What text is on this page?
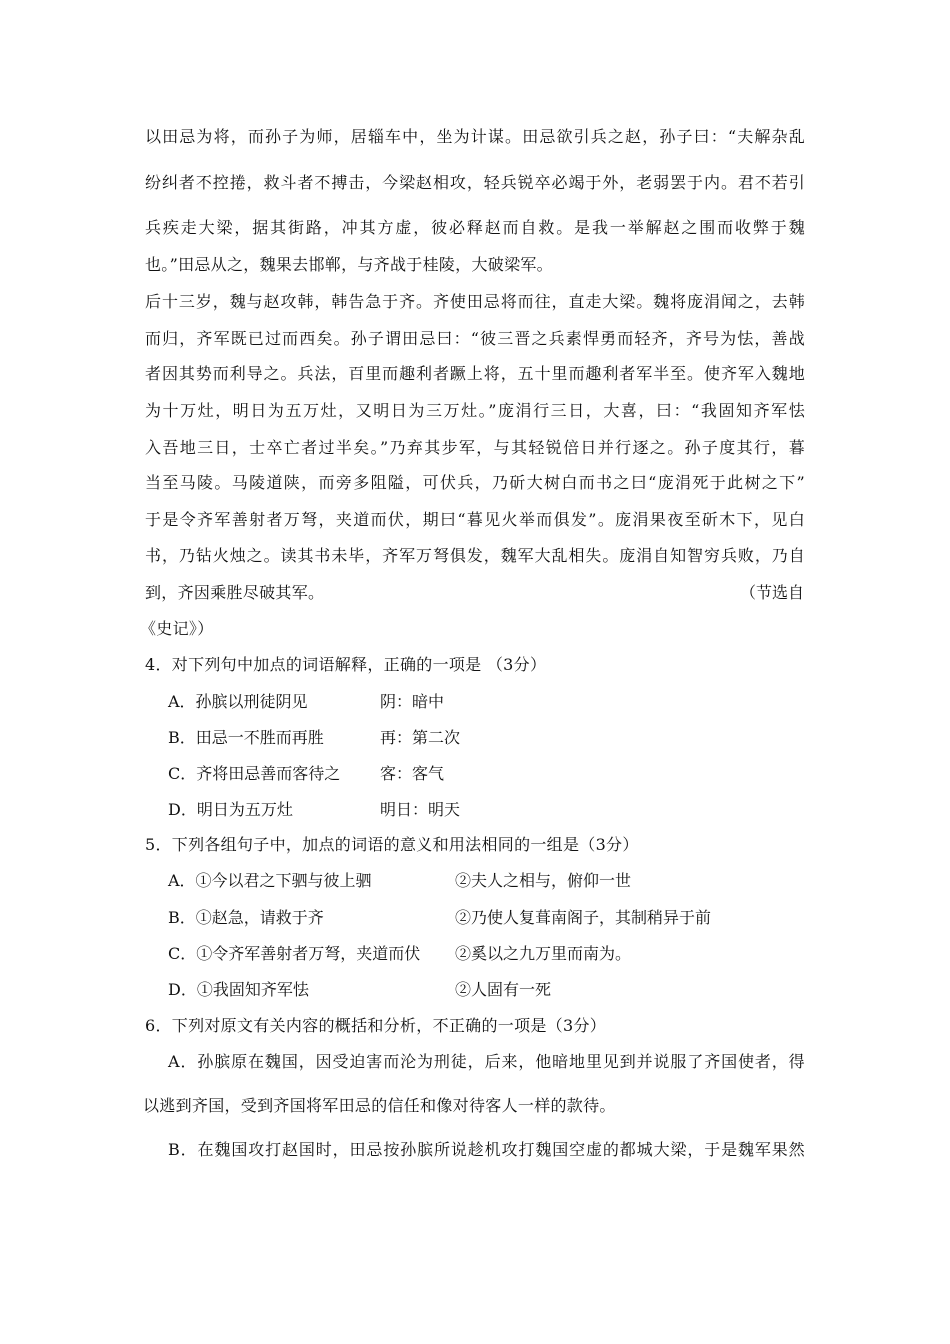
以田忌为将，而孙子为师，居辎车中，坐为计谋。田忌欲引兵之赵，孙子曰：“夫解杂乱
纷纠者不控捲，救斗者不搏击，今梁赵相攻，轻兵锐卒必竭于外，老弱罢于内。君不若引
兵疾走大梁，据其街路，冲其方虚，彼必释赵而自救。是我一举解赵之围而收弊于魏
也。”田忌从之，魏果去邯郸，与齐战于桂陵，大破梁军。
后十三岁，魏与赵攻韩，韩告急于齐。齐使田忌将而往，直走大梁。魏将庞涓闻之，去韩
而归，齐军既已过而西矣。孙子谓田忌曰：“彼三晋之兵素悍勇而轻齐，齐号为怯，善战
者因其势而利导之。兵法，百里而趣利者蹶上将，五十里而趣利者军半至。使齐军入魏地
为十万灶，明日为五万灶，又明日为三万灶。”庞涓行三日，大喜，曰：“我固知齐军怯
入吾地三日，士卒亡者过半矣。”乃弃其步军，与其轻锐倍日并行逐之。孙子度其行，暮
当至马陵。马陵道陕，而旁多阻隘，可伏兵，乃斫大树白而书之曰“庞涓死于此树之下”
于是令齐军善射者万弩，夹道而伏，期曰“暮见火举而俱发”。庞涓果夜至斫木下，见白
书，乃钻火烛之。读其书未毕，齐军万弩俱发，魏军大乱相失。庞涓自知智穷兵败，乃自
到，齐因乘胜尽破其军。	（节选自
《史记》）
4．对下列句中加点的词语解释，正确的一项是 （3分）
A．孙膑以刑徒阴见	阴：暗中
B．田忌一不胜而再胜	再：第二次
C．齐将田忌善而客待之 客：客气
D．明日为五万灶	明日：明天
5．下列各组句子中，加点的词语的意义和用法相同的一组是（3分）
A．①今以君之下驷与彼上驷	②夫人之相与，俯仰一世
B．①赵急，请救于齐	②乃使人复葺南阁子，其制稍异于前
C．①令齐军善射者万弩，夹道而伏 ②奚以之九万里而南为。
D．①我固知齐军怯	②人固有一死
6．下列对原文有关内容的概括和分析，不正确的一项是（3分）
A．孙膑原在魏国，因受迫害而沦为刑徒，后来，他暗地里见到并说服了齐国使者，得
以逃到齐国，受到齐国将军田忌的信任和像对待客人一样的款待。
B．在魏国攻打赵国时，田忌按孙膑所说趁机攻打魏国空虚的都城大梁，于是魏军果然
